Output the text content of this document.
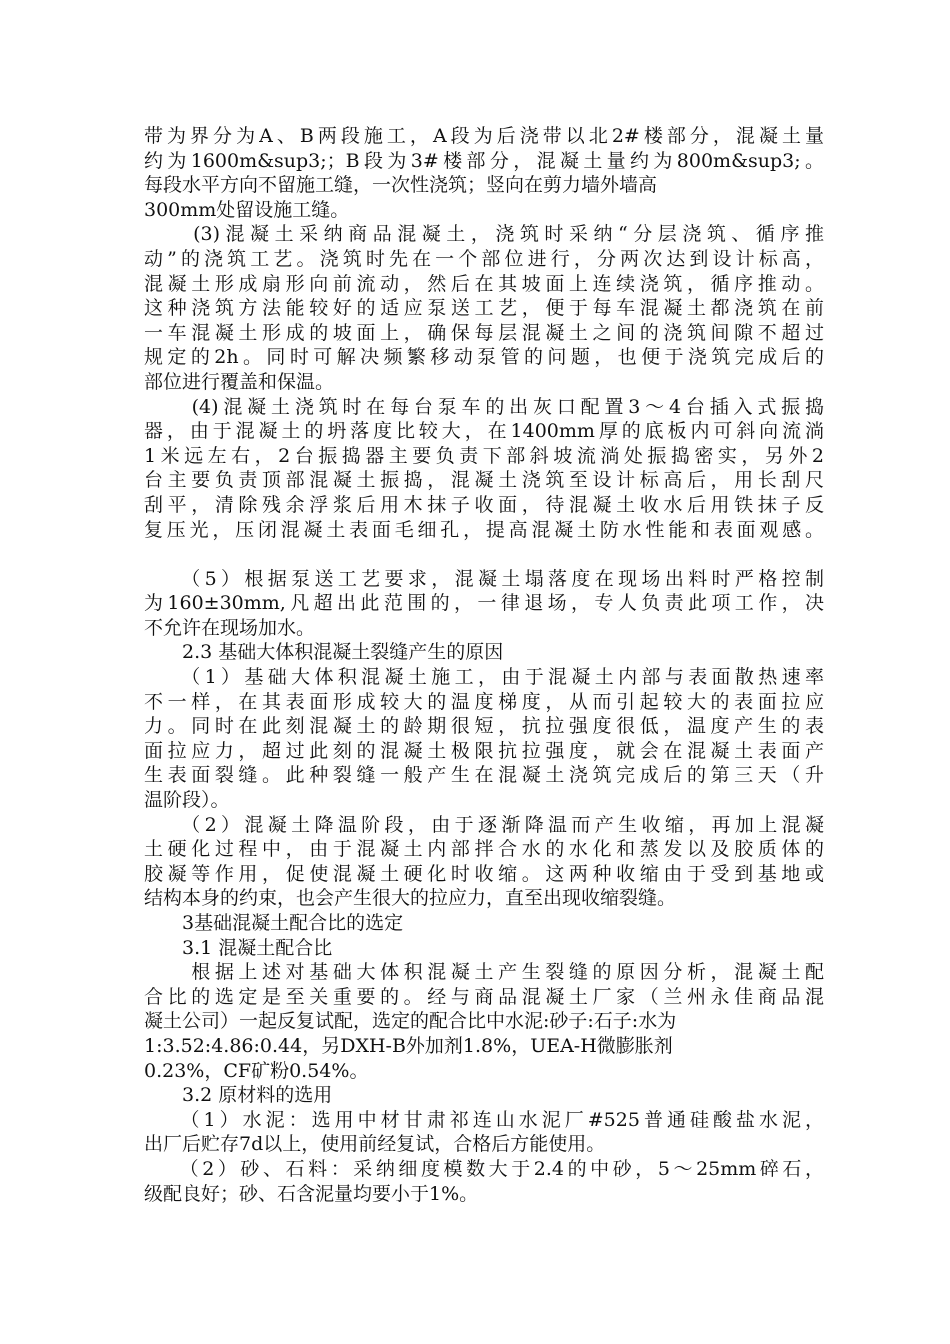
带为界分为A、B两段施工，A段为后浇带以北2#楼部分，混凝土量
约为1600m&sup3;；B段为3#楼部分，混凝土量约为800m&sup3;。
每段水平方向不留施工缝，一次性浇筑；竖向在剪力墙外墙高
300mm处留设施工缝。
　　(3)混凝土采纳商品混凝土，浇筑时采纳“分层浇筑、循序推
动”的浇筑工艺。浇筑时先在一个部位进行，分两次达到设计标高，
混凝土形成扇形向前流动，然后在其坡面上连续浇筑，循序推动。
这种浇筑方法能较好的适应泵送工艺，便于每车混凝土都浇筑在前
一车混凝土形成的坡面上，确保每层混凝土之间的浇筑间隙不超过
规定的2h。同时可解决频繁移动泵管的问题，也便于浇筑完成后的
部位进行覆盖和保温。
　　(4)混凝土浇筑时在每台泵车的出灰口配置3～4台插入式振捣
器，由于混凝土的坍落度比较大，在1400mm厚的底板内可斜向流淌
1米远左右，2台振捣器主要负责下部斜坡流淌处振捣密实，另外2
台主要负责顶部混凝土振捣，混凝土浇筑至设计标高后，用长刮尺
刮平，清除残余浮浆后用木抹子收面，待混凝土收水后用铁抹子反
复压光，压闭混凝土表面毛细孔，提高混凝土防水性能和表面观感。
　　（5）根据泵送工艺要求，混凝土塌落度在现场出料时严格控制
为160±30mm,凡超出此范围的，一律退场，专人负责此项工作，决
不允许在现场加水。
　　2.3 基础大体积混凝土裂缝产生的原因
　　（1）基础大体积混凝土施工，由于混凝土内部与表面散热速率
不一样，在其表面形成较大的温度梯度，从而引起较大的表面拉应
力。同时在此刻混凝土的龄期很短，抗拉强度很低，温度产生的表
面拉应力，超过此刻的混凝土极限抗拉强度，就会在混凝土表面产
生表面裂缝。此种裂缝一般产生在混凝土浇筑完成后的第三天（升
温阶段）。
　　（2）混凝土降温阶段，由于逐渐降温而产生收缩，再加上混凝
土硬化过程中，由于混凝土内部拌合水的水化和蒸发以及胶质体的
胶凝等作用，促使混凝土硬化时收缩。这两种收缩由于受到基地或
结构本身的约束，也会产生很大的拉应力，直至出现收缩裂缝。
　　3基础混凝土配合比的选定
　　3.1 混凝土配合比
　　根据上述对基础大体积混凝土产生裂缝的原因分析，混凝土配
合比的选定是至关重要的。经与商品混凝土厂家（兰州永佳商品混
凝土公司）一起反复试配，选定的配合比中水泥:砂子:石子:水为
1:3.52:4.86:0.44，另DXH-B外加剂1.8%，UEA-H微膨胀剂
0.23%，CF矿粉0.54%。
　　3.2 原材料的选用
　　（1）水泥：选用中材甘肃祁连山水泥厂#525普通硅酸盐水泥，
出厂后贮存7d以上，使用前经复试，合格后方能使用。
　　（2）砂、石料：采纳细度模数大于2.4的中砂，5～25mm碎石，
级配良好；砂、石含泥量均要小于1%。
